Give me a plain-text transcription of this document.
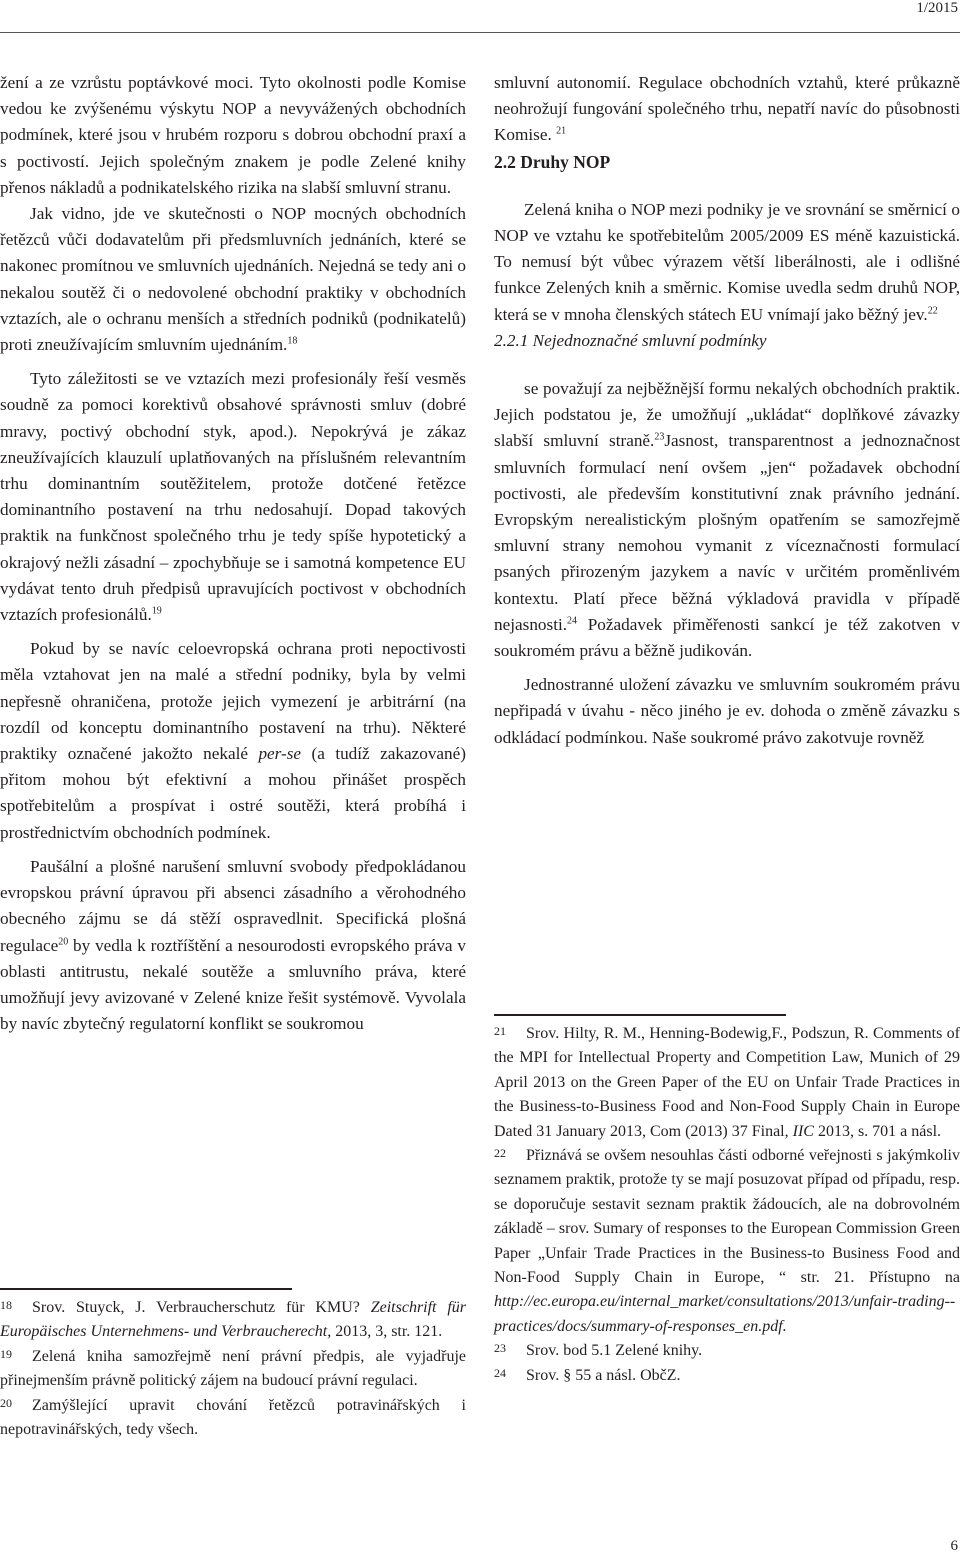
1/2015

žení a ze vzrůstu poptávkové moci. Tyto okolnosti podle Komise vedou ke zvýšenému výskytu NOP a nevyvážených obchodních podmínek, které jsou v hrubém rozporu s dobrou obchodní praxí a s poctivostí. Jejich společným znakem je podle Zelené knihy přenos nákladů a podnikatelského rizika na slabší smluvní stranu.

Jak vidno, jde ve skutečnosti o NOP mocných obchodních řetězců vůči dodavatelům při předsmluvních jednáních, které se nakonec promítnou ve smluvních ujednáních. Nejedná se tedy ani o nekalou soutěž či o nedovolené obchodní praktiky v obchodních vztazích, ale o ochranu menších a středních podniků (podnikatelů) proti zneužívajícím smluvním ujednáním.$^{18}$

Tyto záležitosti se ve vztazích mezi profesionály řeší vesměs soudně za pomoci korektivů obsahové správnosti smluv (dobré mravy, poctivý obchodní styk, apod.). Nepokrývá je zákaz zneužívajících klauzulí uplatňovaných na příslušném relevantním trhu dominantním soutěžitelem, protože dotčené řetězce dominantního postavení na trhu nedosahují. Dopad takových praktik na funkčnost společného trhu je tedy spíše hypotetický a okrajový nežli zásadní – zpochybňuje se i samotná kompetence EU vydávat tento druh předpisů upravujících poctivost v obchodních vztazích profesionálů.$^{19}$

Pokud by se navíc celoevropská ochrana proti nepoctivosti měla vztahovat jen na malé a střední podniky, byla by velmi nepřesně ohraničena, protože jejich vymezení je arbitrární (na rozdíl od konceptu dominantního postavení na trhu). Některé praktiky označené jakožto nekalé per-se (a tudíž zakazované) přitom mohou být efektivní a mohou přinášet prospěch spotřebitelům a prospívat i ostré soutěži, která probíhá i prostřednictvím obchodních podmínek.

Paušální a plošné narušení smluvní svobody předpokládanou evropskou právní úpravou při absenci zásadního a věrohodného obecného zájmu se dá stěží ospravedlnit. Specifická plošná regulace$^{20}$ by vedla k roztříštění a nesourodosti evropského práva v oblasti antitrustu, nekalé soutěže a smluvního práva, které umožňují jevy avizované v Zelené knize řešit systémově. Vyvolala by navíc zbytečný regulatorní konflikt se soukromou

18 Srov. Stuyck, J. Verbraucherschutz für KMU? Zeitschrift für Europäisches Unternehmens- und Verbraucherecht, 2013, 3, str. 121.

19 Zelená kniha samozřejmě není právní předpis, ale vyjadřuje přinejmenším právně politický zájem na budoucí právní regulaci.

20 Zamýšlející upravit chování řetězců potravinářských i nepotravinářských, tedy všech.

smluvní autonomií. Regulace obchodních vztahů, které průkazně neohrožují fungování společného trhu, nepatří navíc do působnosti Komise. $^{21}$

2.2 Druhy NOP

Zelená kniha o NOP mezi podniky je ve srovnání se směrnicí o NOP ve vztahu ke spotřebitelům 2005/2009 ES méně kazuistická. To nemusí být vůbec výrazem větší liberálnosti, ale i odlišné funkce Zelených knih a směrnic. Komise uvedla sedm druhů NOP, která se v mnoha členských státech EU vnímají jako běžný jev.$^{22}$

2.2.1 Nejednoznačné smluvní podmínky

se považují za nejběžnější formu nekalých obchodních praktik. Jejich podstatou je, že umožňují „ukládat“ doplňkové závazky slabší smluvní straně.$^{23}$Jasnost, transparentnost a jednoznačnost smluvních formulací není ovšem „jen“ požadavek obchodní poctivosti, ale především konstitutivní znak právního jednání. Evropským nerealistickým plošným opatřením se samozřejmě smluvní strany nemohou vymanit z víceznačnosti formulací psaných přirozeným jazykem a navíc v určitém proměnlivém kontextu. Platí přece běžná výkladová pravidla v případě nejasnosti.$^{24}$ Požadavek přiměřenosti sankcí je též zakotven v soukromém právu a běžně judikován.

Jednostranné uložení závazku ve smluvním soukromém právu nepřipadá v úvahu - něco jiného je ev. dohoda o změně závazku s odkládací podmínkou. Naše soukromé právo zakotvuje rovněž

21 Srov. Hilty, R. M., Henning-Bodewig,F., Podszun, R. Comments of the MPI for Intellectual Property and Competition Law, Munich of 29 April 2013 on the Green Paper of the EU on Unfair Trade Practices in the Business-to-Business Food and Non-Food Supply Chain in Europe Dated 31 January 2013, Com (2013) 37 Final, IIC 2013, s. 701 a násl.

22 Přiznává se ovšem nesouhlas části odborné veřejnosti s jakýmkoliv seznamem praktik, protože ty se mají posuzovat případ od případu, resp. se doporučuje sestavit seznam praktik žádoucích, ale na dobrovolném základě – srov. Sumary of responses to the European Commission Green Paper „Unfair Trade Practices in the Business-to Business Food and Non-Food Supply Chain in Europe, “ str. 21. Přístupno na http://ec.europa.eu/internal_market/consultations/2013/unfair-trading--practices/docs/summary-of-responses_en.pdf.

23 Srov. bod 5.1 Zelené knihy.

24 Srov. § 55 a násl. ObčZ.

6
